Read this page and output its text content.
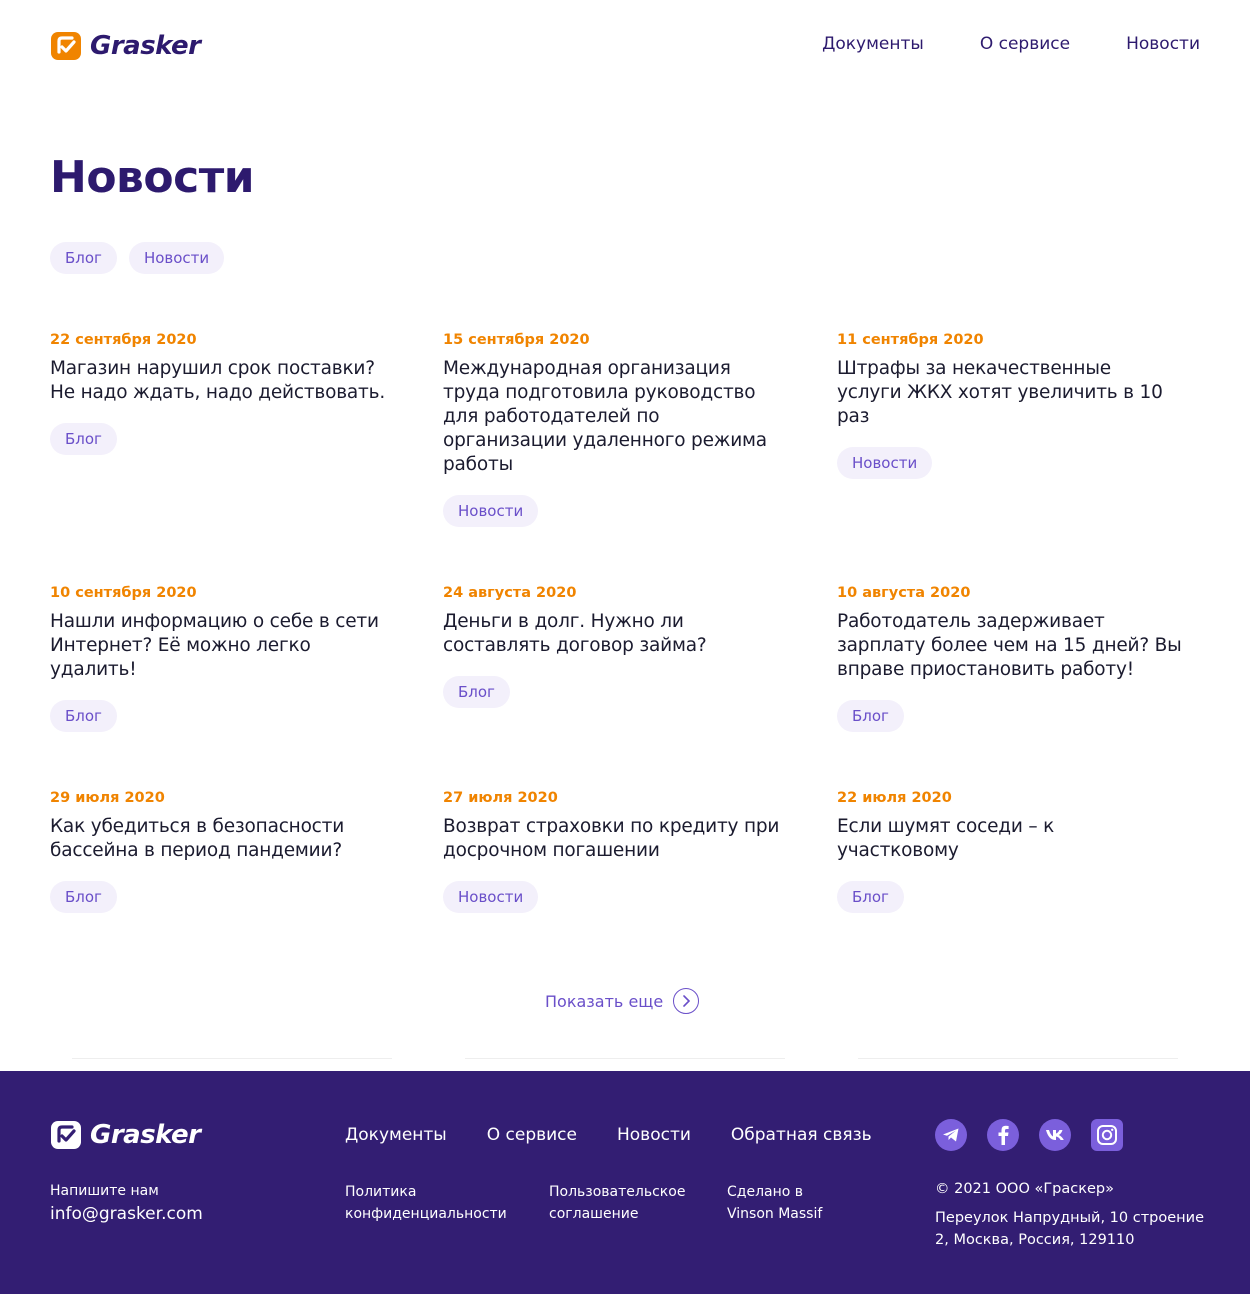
Grasker	Документы	О сервисе	Новости
Новости
Блог	Новости
22 сентября 2020
Магазин нарушил срок поставки? Не надо ждать, надо действовать.
Блог
15 сентября 2020
Международная организация труда подготовила руководство для работодателей по организации удаленного режима работы
Новости
11 сентября 2020
Штрафы за некачественные услуги ЖКХ хотят увеличить в 10 раз
Новости
10 сентября 2020
Нашли информацию о себе в сети Интернет? Её можно легко удалить!
Блог
24 августа 2020
Деньги в долг. Нужно ли составлять договор займа?
Блог
10 августа 2020
Работодатель задерживает зарплату более чем на 15 дней? Вы вправе приостановить работу!
Блог
29 июля 2020
Как убедиться в безопасности бассейна в период пандемии?
Блог
27 июля 2020
Возврат страховки по кредиту при досрочном погашении
Новости
22 июля 2020
Если шумят соседи – к участковому
Блог
Показать еще
Grasker
Напишите нам
info@grasker.com
Документы О сервисе Новости Обратная связь
Политика конфиденциальности
Пользовательское соглашение
Сделано в Vinson Massif
© 2021 ООО «Граскер»
Переулок Напрудный, 10 строение 2, Москва, Россия, 129110
